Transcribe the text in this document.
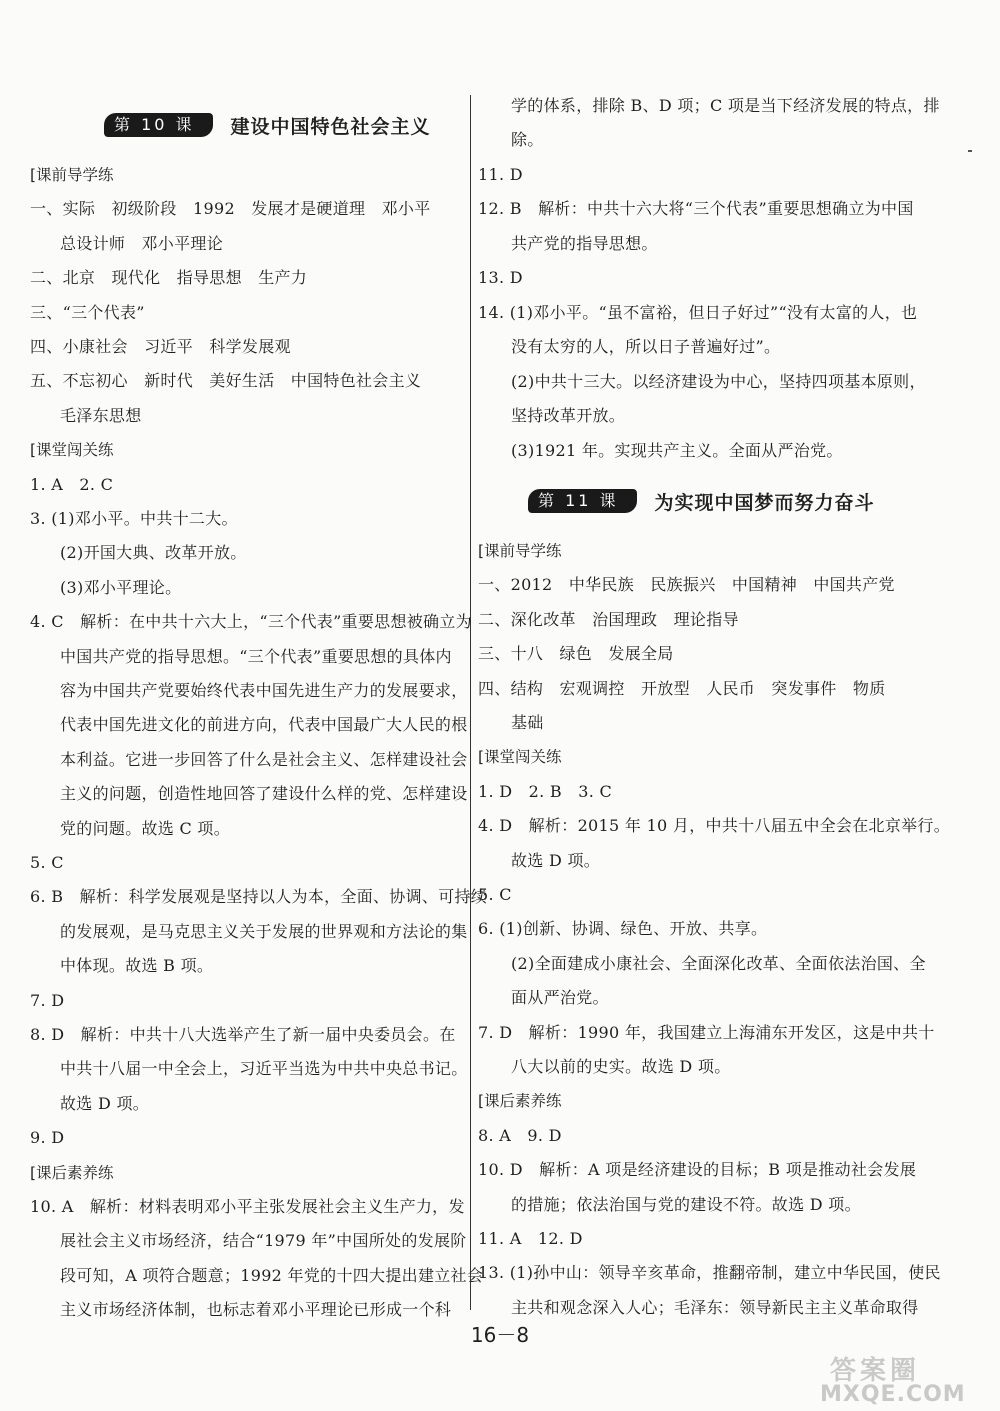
第 10 课	建设中国特色社会主义
[课前导学练
一、实际　初级阶段　1992　发展才是硬道理　邓小平
总设计师　邓小平理论
二、北京　现代化　指导思想　生产力
三、“三个代表”
四、小康社会　习近平　科学发展观
五、不忘初心　新时代　美好生活　中国特色社会主义
毛泽东思想
[课堂闯关练
1. A　2. C
3. (1)邓小平。中共十二大。
(2)开国大典、改革开放。
(3)邓小平理论。
4. C　解析：在中共十六大上，“三个代表”重要思想被确立为
中国共产党的指导思想。“三个代表”重要思想的具体内
容为中国共产党要始终代表中国先进生产力的发展要求，
代表中国先进文化的前进方向，代表中国最广大人民的根
本利益。它进一步回答了什么是社会主义、怎样建设社会
主义的问题，创造性地回答了建设什么样的党、怎样建设
党的问题。故选 C 项。
5. C
6. B　解析：科学发展观是坚持以人为本，全面、协调、可持续
的发展观，是马克思主义关于发展的世界观和方法论的集
中体现。故选 B 项。
7. D
8. D　解析：中共十八大选举产生了新一届中央委员会。在
中共十八届一中全会上，习近平当选为中共中央总书记。
故选 D 项。
9. D
[课后素养练
10. A　解析：材料表明邓小平主张发展社会主义生产力，发
展社会主义市场经济，结合“1979 年”中国所处的发展阶
段可知，A 项符合题意；1992 年党的十四大提出建立社会
主义市场经济体制，也标志着邓小平理论已形成一个科
第 11 课	为实现中国梦而努力奋斗
学的体系，排除 B、D 项；C 项是当下经济发展的特点，排
除。
11. D
12. B　解析：中共十六大将“三个代表”重要思想确立为中国
共产党的指导思想。
13. D
14. (1)邓小平。“虽不富裕，但日子好过”“没有太富的人，也
没有太穷的人，所以日子普遍好过”。
(2)中共十三大。以经济建设为中心，坚持四项基本原则，
坚持改革开放。
(3)1921 年。实现共产主义。全面从严治党。
[课前导学练
一、2012　中华民族　民族振兴　中国精神　中国共产党
二、深化改革　治国理政　理论指导
三、十八　绿色　发展全局
四、结构　宏观调控　开放型　人民币　突发事件　物质
基础
[课堂闯关练
1. D　2. B　3. C
4. D　解析：2015 年 10 月，中共十八届五中全会在北京举行。
故选 D 项。
5. C
6. (1)创新、协调、绿色、开放、共享。
(2)全面建成小康社会、全面深化改革、全面依法治国、全
面从严治党。
7. D　解析：1990 年，我国建立上海浦东开发区，这是中共十
八大以前的史实。故选 D 项。
[课后素养练
8. A　9. D
10. D　解析：A 项是经济建设的目标；B 项是推动社会发展
的措施；依法治国与党的建设不符。故选 D 项。
11. A　12. D
13. (1)孙中山：领导辛亥革命，推翻帝制，建立中华民国，使民
主共和观念深入人心；毛泽东：领导新民主主义革命取得
16－8
答案圈
MXQE.COM
